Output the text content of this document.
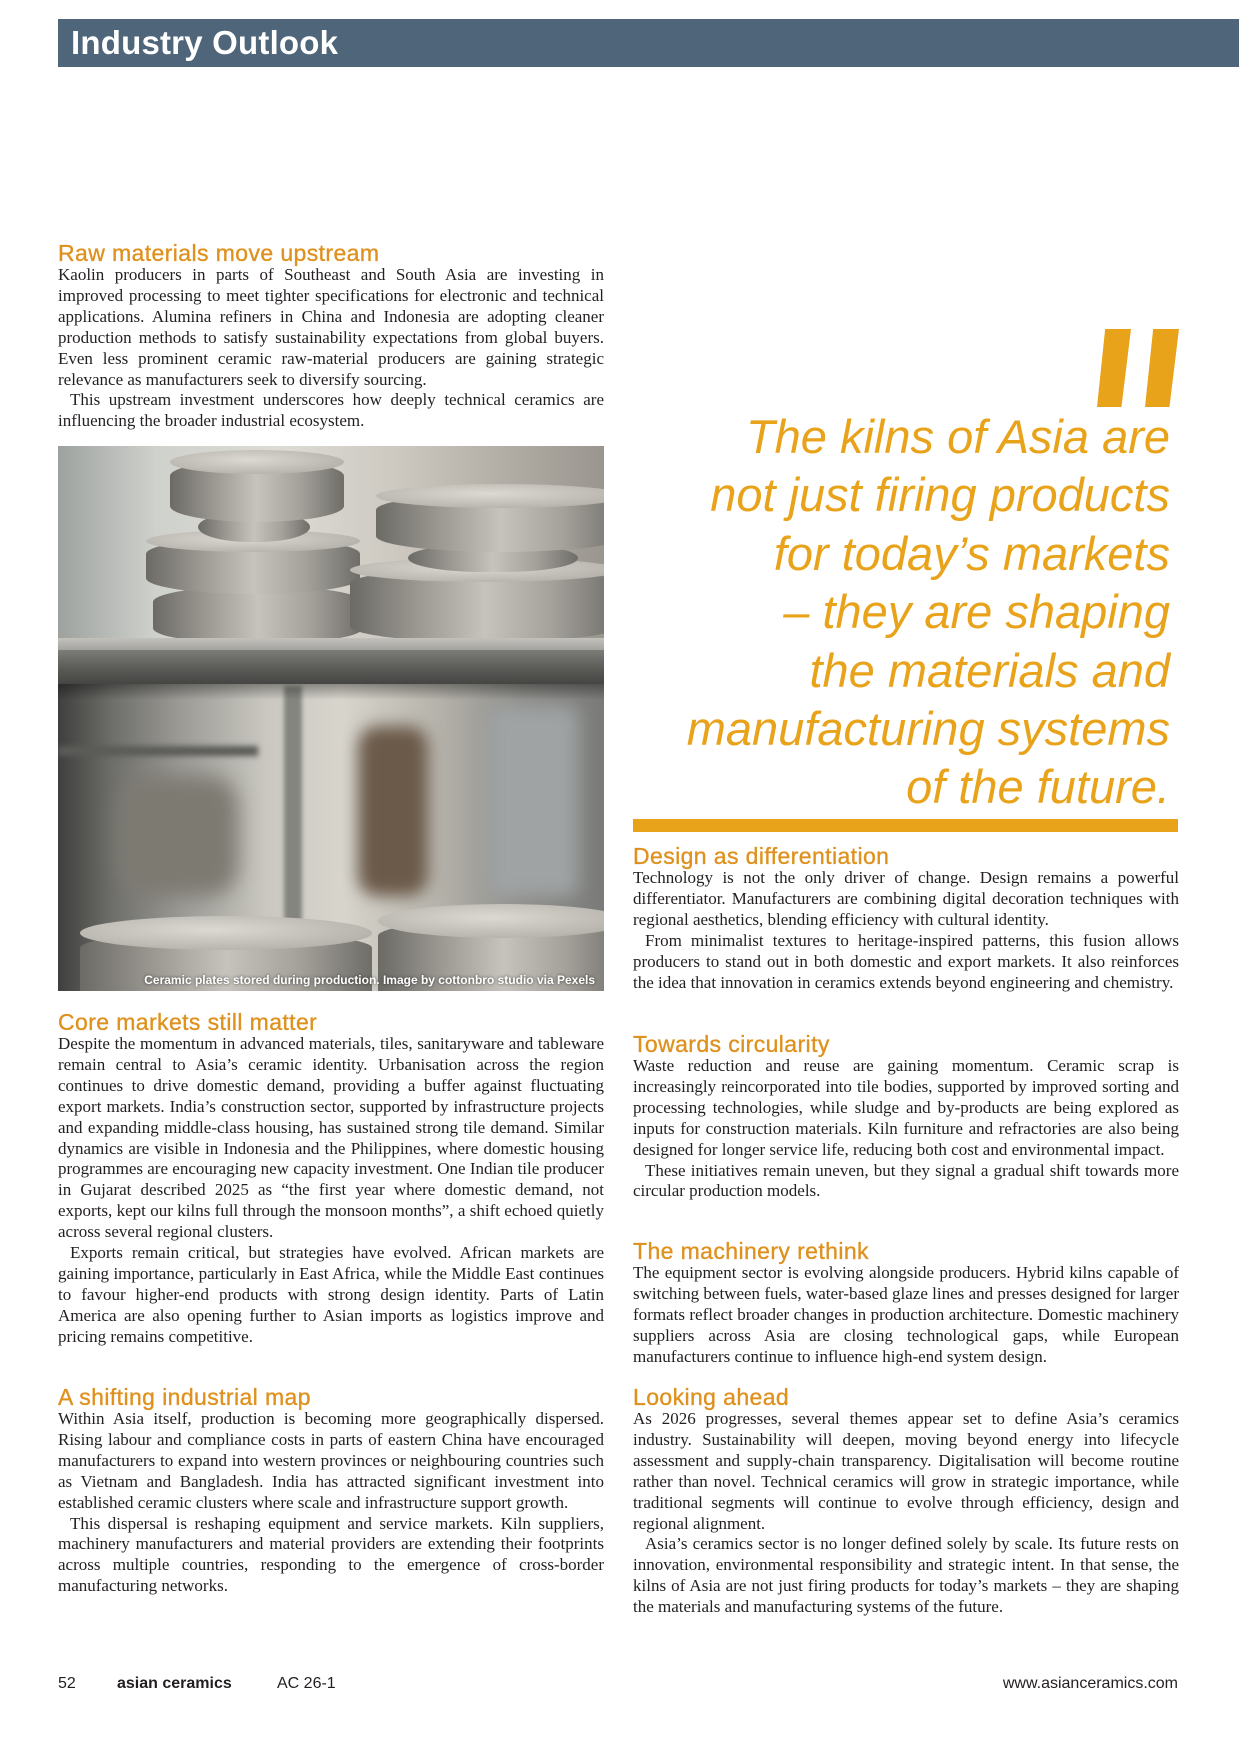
Industry Outlook
Raw materials move upstream

Kaolin producers in parts of Southeast and South Asia are investing in improved processing to meet tighter specifications for electronic and technical applications. Alumina refiners in China and Indonesia are adopting cleaner production methods to satisfy sustainability expectations from global buyers. Even less prominent ceramic raw-material producers are gaining strategic relevance as manufacturers seek to diversify sourcing.

This upstream investment underscores how deeply technical ceramics are influencing the broader industrial ecosystem.

Ceramic plates stored during production. Image by cottonbro studio via Pexels
Core markets still matter

Despite the momentum in advanced materials, tiles, sanitaryware and tableware remain central to Asia’s ceramic identity. Urbanisation across the region continues to drive domestic demand, providing a buffer against fluctuating export markets. India’s construction sector, supported by infrastructure projects and expanding middle-class housing, has sustained strong tile demand. Similar dynamics are visible in Indonesia and the Philippines, where domestic housing programmes are encouraging new capacity investment. One Indian tile producer in Gujarat described 2025 as “the first year where domestic demand, not exports, kept our kilns full through the monsoon months”, a shift echoed quietly across several regional clusters.

Exports remain critical, but strategies have evolved. African markets are gaining importance, particularly in East Africa, while the Middle East continues to favour higher-end products with strong design identity. Parts of Latin America are also opening further to Asian imports as logistics improve and pricing remains competitive.

A shifting industrial map

Within Asia itself, production is becoming more geographically dispersed. Rising labour and compliance costs in parts of eastern China have encouraged manufacturers to expand into western provinces or neighbouring countries such as Vietnam and Bangladesh. India has attracted significant investment into established ceramic clusters where scale and infrastructure support growth.

This dispersal is reshaping equipment and service markets. Kiln suppliers, machinery manufacturers and material providers are extending their footprints across multiple countries, responding to the emergence of cross-border manufacturing networks.

The kilns of Asia are
not just firing products
for today’s markets
– they are shaping
the materials and
manufacturing systems
of the future.
Design as differentiation

Technology is not the only driver of change. Design remains a powerful differentiator. Manufacturers are combining digital decoration techniques with regional aesthetics, blending efficiency with cultural identity.

From minimalist textures to heritage-inspired patterns, this fusion allows producers to stand out in both domestic and export markets. It also reinforces the idea that innovation in ceramics extends beyond engineering and chemistry.

Towards circularity

Waste reduction and reuse are gaining momentum. Ceramic scrap is increasingly reincorporated into tile bodies, supported by improved sorting and processing technologies, while sludge and by-products are being explored as inputs for construction materials. Kiln furniture and refractories are also being designed for longer service life, reducing both cost and environmental impact.

These initiatives remain uneven, but they signal a gradual shift towards more circular production models.

The machinery rethink

The equipment sector is evolving alongside producers. Hybrid kilns capable of switching between fuels, water-based glaze lines and presses designed for larger formats reflect broader changes in production architecture. Domestic machinery suppliers across Asia are closing technological gaps, while European manufacturers continue to influence high-end system design.

Looking ahead

As 2026 progresses, several themes appear set to define Asia’s ceramics industry. Sustainability will deepen, moving beyond energy into lifecycle assessment and supply-chain transparency. Digitalisation will become routine rather than novel. Technical ceramics will grow in strategic importance, while traditional segments will continue to evolve through efficiency, design and regional alignment.

Asia’s ceramics sector is no longer defined solely by scale. Its future rests on innovation, environmental responsibility and strategic intent. In that sense, the kilns of Asia are not just firing products for today’s markets – they are shaping the materials and manufacturing systems of the future.

52	asian ceramics	AC 26-1	www.asianceramics.com
